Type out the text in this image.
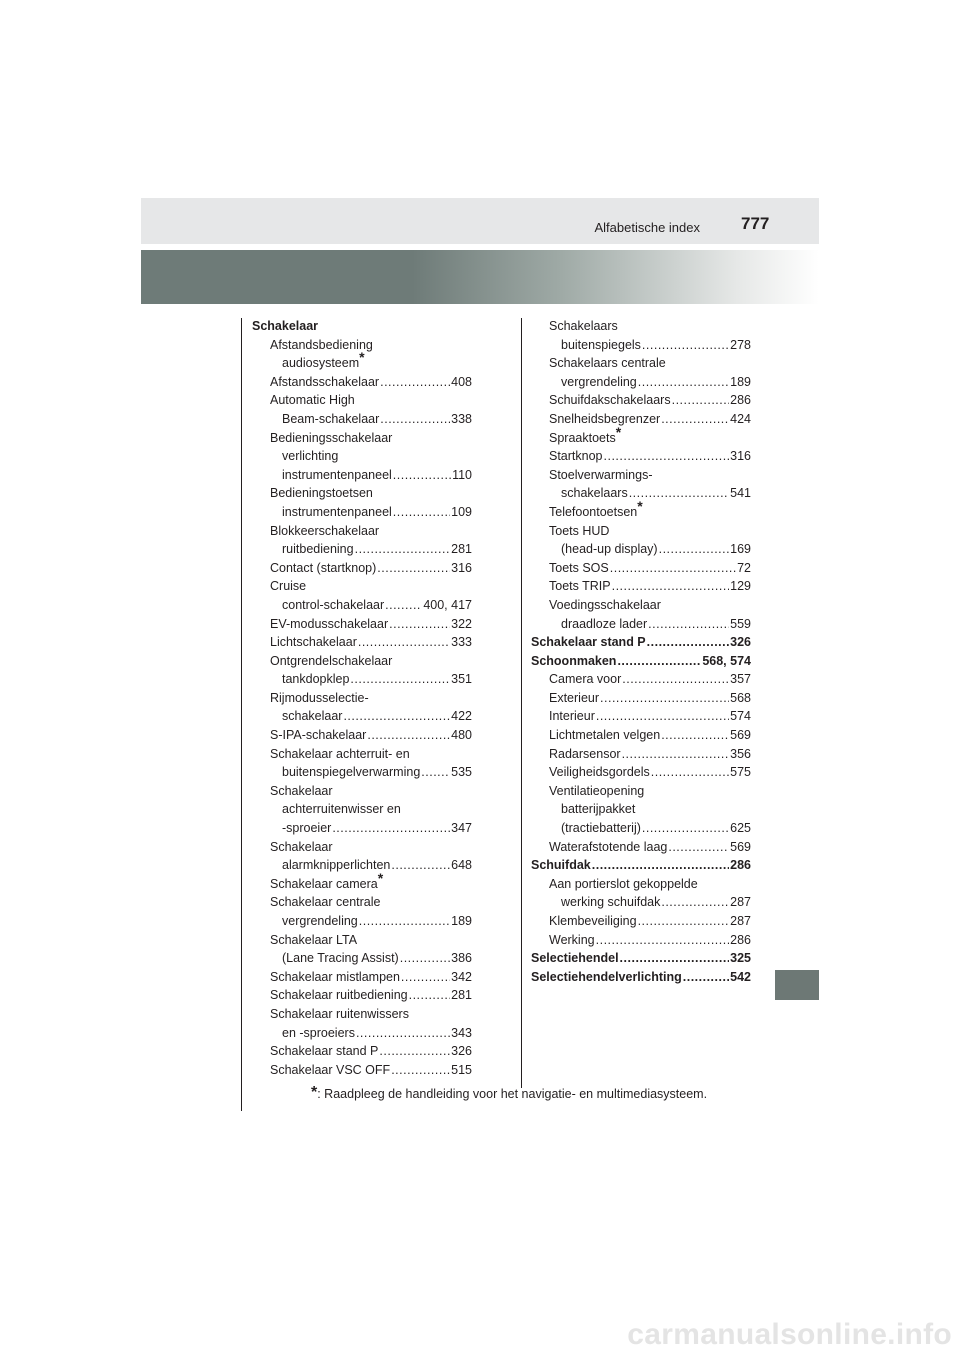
Alfabetische index 777
Schakelaar
Afstandsbediening
audiosysteem*
Afstandsschakelaar .....	408
Automatic High
Beam-schakelaar .....	338
Bedieningsschakelaar
verlichting
instrumentenpaneel .....	110
Bedieningstoetsen
instrumentenpaneel .....	109
Blokkeerschakelaar
ruitbediening .....	281
Contact (startknop) .....	316
Cruise
control-schakelaar .....	400, 417
EV-modusschakelaar .....	322
Lichtschakelaar .....	333
Ontgrendelschakelaar
tankdopklep .....	351
Rijmodusselectie-
schakelaar .....	422
S-IPA-schakelaar .....	480
Schakelaar achterruit- en
buitenspiegelverwarming ..... 535
Schakelaar
achterruitenwisser en
-sproeier .....	347
Schakelaar
alarmknipperlichten .....	648
Schakelaar camera*
Schakelaar centrale
vergrendeling .....	189
Schakelaar LTA
(Lane Tracing Assist) .....	386
Schakelaar mistlampen .....	342
Schakelaar ruitbediening .....	281
Schakelaar ruitenwissers
en -sproeiers .....	343
Schakelaar stand P .....	326
Schakelaar VSC OFF .....	515
Schakelaars
buitenspiegels .....	278
Schakelaars centrale
vergrendeling .....	189
Schuifdakschakelaars .....	286
Snelheidsbegrenzer .....	424
Spraaktoets*
Startknop .....	316
Stoelverwarmings-
schakelaars .....	541
Telefoontoetsen*
Toets HUD
(head-up display) .....	169
Toets SOS .....	72
Toets TRIP .....	129
Voedingsschakelaar
draadloze lader .....	559
Schakelaar stand P .....	326
Schoonmaken .....	568, 574
Camera voor .....	357
Exterieur .....	568
Interieur .....	574
Lichtmetalen velgen .....	569
Radarsensor .....	356
Veiligheidsgordels .....	575
Ventilatieopening
batterijpakket
(tractiebatterij) .....	625
Waterafstotende laag .....	569
Schuifdak .....	286
Aan portierslot gekoppelde
werking schuifdak .....	287
Klembeveiliging .....	287
Werking .....	286
Selectiehendel .....	325
Selectiehendelverlichting .....	542
*: Raadpleeg de handleiding voor het navigatie- en multimediasysteem.
carmanualsonline.info
